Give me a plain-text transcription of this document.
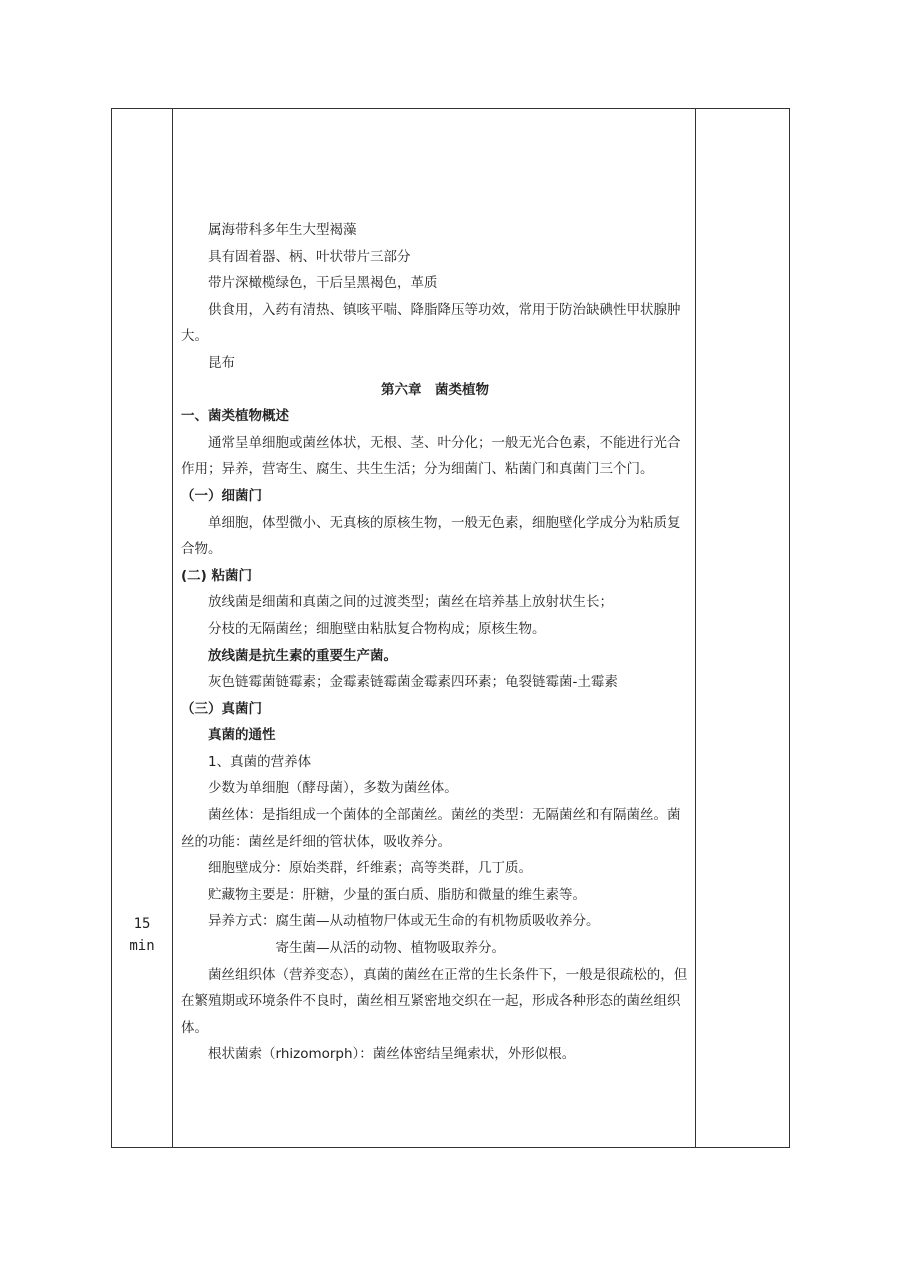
15
min

属海带科多年生大型褐藻

具有固着器、柄、叶状带片三部分

带片深橄榄绿色，干后呈黑褐色，革质

供食用，入药有清热、镇咳平喘、降脂降压等功效，常用于防治缺碘性甲状腺肿大。

昆布

第六章　菌类植物

一、菌类植物概述

通常呈单细胞或菌丝体状，无根、茎、叶分化；一般无光合色素，不能进行光合作用；异养，营寄生、腐生、共生生活；分为细菌门、粘菌门和真菌门三个门。

（一）细菌门

单细胞，体型微小、无真核的原核生物，一般无色素，细胞壁化学成分为粘质复合物。

(二) 粘菌门

放线菌是细菌和真菌之间的过渡类型；菌丝在培养基上放射状生长；

分枝的无隔菌丝；细胞壁由粘肽复合物构成；原核生物。

放线菌是抗生素的重要生产菌。

灰色链霉菌链霉素；金霉素链霉菌金霉素四环素；龟裂链霉菌-土霉素

（三）真菌门

真菌的通性

1、真菌的营养体

少数为单细胞（酵母菌），多数为菌丝体。

菌丝体：是指组成一个菌体的全部菌丝。菌丝的类型：无隔菌丝和有隔菌丝。菌丝的功能：菌丝是纤细的管状体，吸收养分。

细胞壁成分：原始类群，纤维素；高等类群，几丁质。

贮藏物主要是：肝糖，少量的蛋白质、脂肪和微量的维生素等。

异养方式：腐生菌—从动植物尸体或无生命的有机物质吸收养分。

寄生菌—从活的动物、植物吸取养分。

菌丝组织体（营养变态），真菌的菌丝在正常的生长条件下，一般是很疏松的，但在繁殖期或环境条件不良时，菌丝相互紧密地交织在一起，形成各种形态的菌丝组织体。

根状菌索（rhizomorph）：菌丝体密结呈绳索状，外形似根。
